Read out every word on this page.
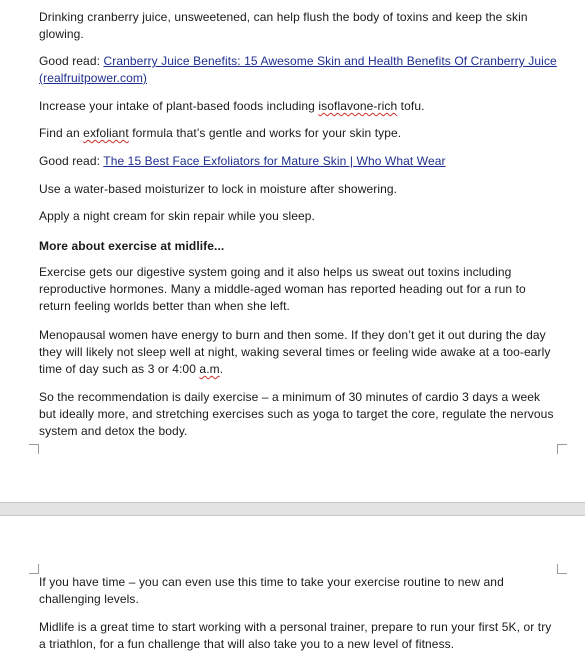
Drinking cranberry juice, unsweetened, can help flush the body of toxins and keep the skin glowing.

Good read: Cranberry Juice Benefits: 15 Awesome Skin and Health Benefits Of Cranberry Juice (realfruitpower.com)

Increase your intake of plant-based foods including isoflavone-rich tofu.

Find an exfoliant formula that’s gentle and works for your skin type.

Good read: The 15 Best Face Exfoliators for Mature Skin | Who What Wear

Use a water-based moisturizer to lock in moisture after showering.

Apply a night cream for skin repair while you sleep.

More about exercise at midlife...

Exercise gets our digestive system going and it also helps us sweat out toxins including reproductive hormones. Many a middle-aged woman has reported heading out for a run to return feeling worlds better than when she left.

Menopausal women have energy to burn and then some. If they don’t get it out during the day they will likely not sleep well at night, waking several times or feeling wide awake at a too-early time of day such as 3 or 4:00 a.m.

So the recommendation is daily exercise – a minimum of 30 minutes of cardio 3 days a week but ideally more, and stretching exercises such as yoga to target the core, regulate the nervous system and detox the body.

If you have time – you can even use this time to take your exercise routine to new and challenging levels.

Midlife is a great time to start working with a personal trainer, prepare to run your first 5K, or try a triathlon, for a fun challenge that will also take you to a new level of fitness.
